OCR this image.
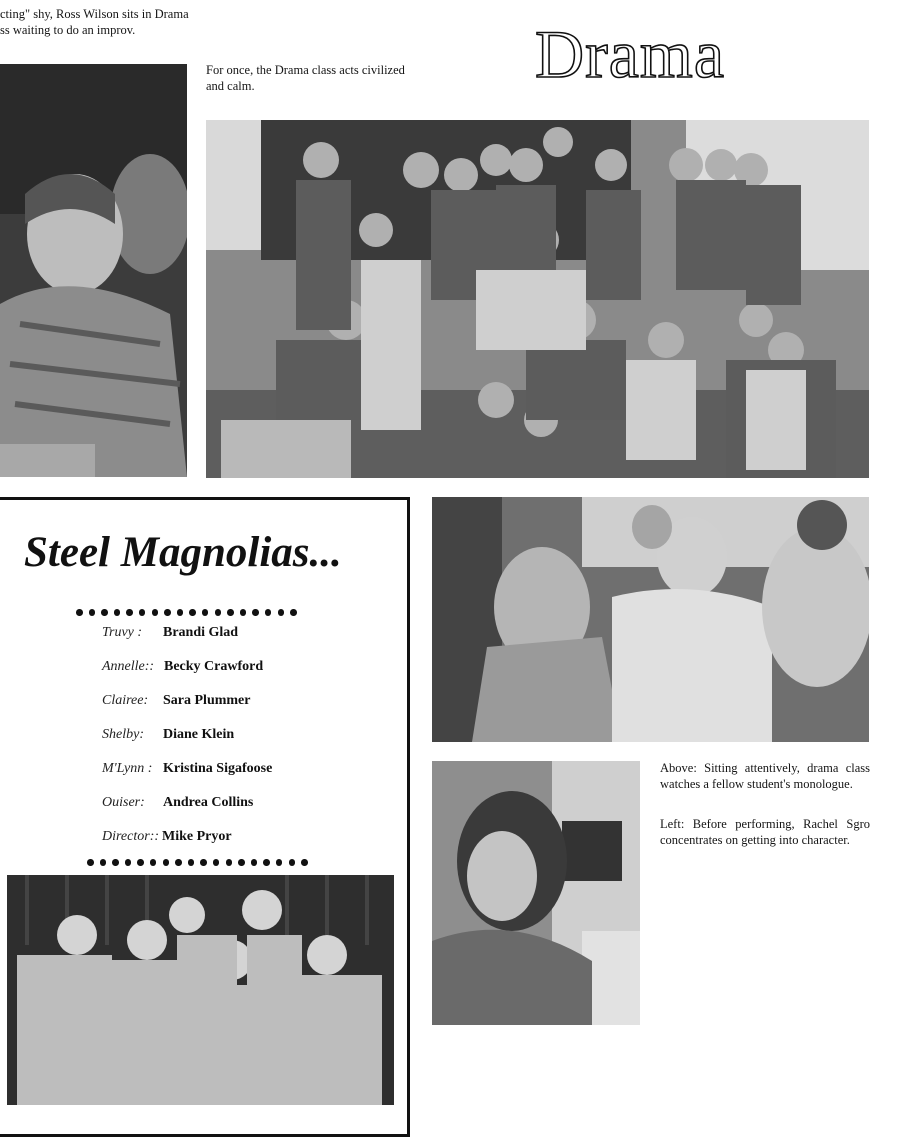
cting" shy, Ross Wilson sits in Drama
ss waiting to do an improv.
For once, the Drama class acts civilized and calm.	Drama
Steel Magnolias...
Truvy : Brandi Glad
Annelle:: Becky Crawford
Clairee: Sara Plummer
Shelby: Diane Klein
M'Lynn : Kristina Sigafoose
Ouiser: Andrea Collins
Director:: Mike Pryor
Above: Sitting attentively, drama class watches a fellow student's monologue.
Left: Before performing, Rachel Sgro concentrates on getting into character.
